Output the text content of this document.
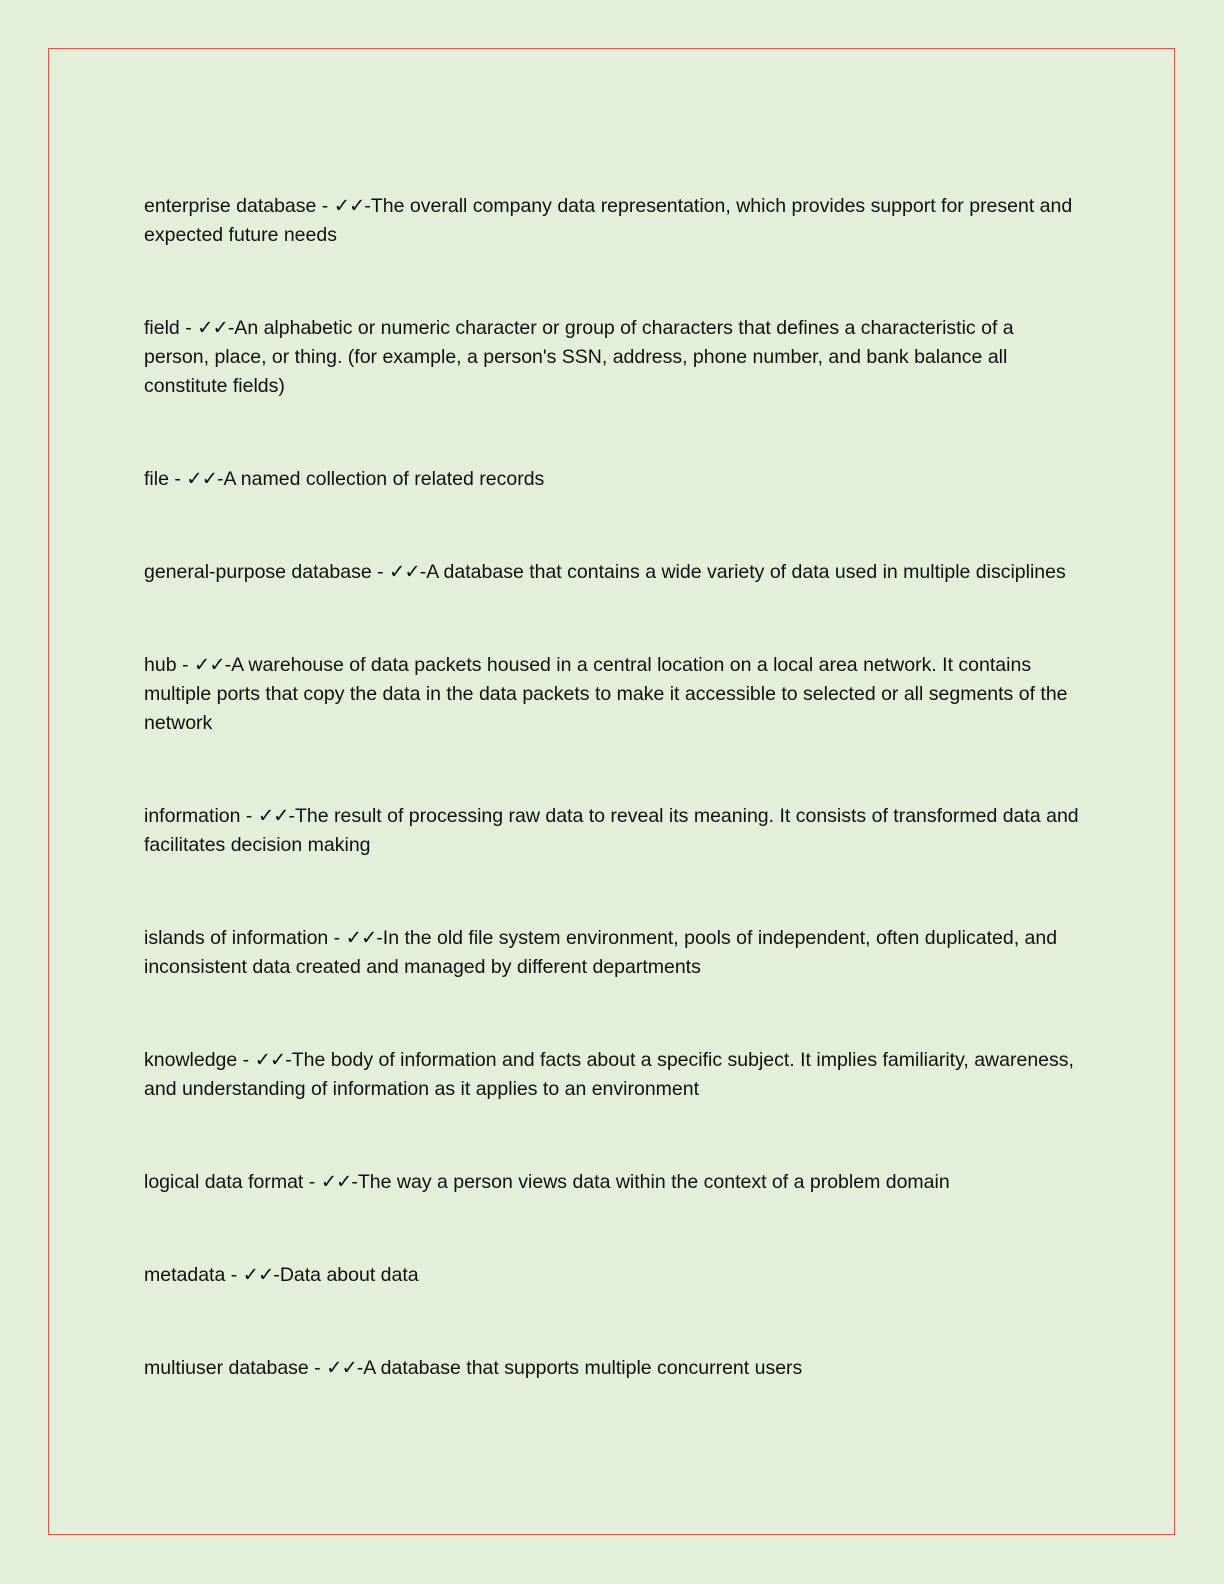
enterprise database - ✓✓-The overall company data representation, which provides support for present and expected future needs
field - ✓✓-An alphabetic or numeric character or group of characters that defines a characteristic of a person, place, or thing. (for example, a person's SSN, address, phone number, and bank balance all constitute fields)
file - ✓✓-A named collection of related records
general-purpose database - ✓✓-A database that contains a wide variety of data used in multiple disciplines
hub - ✓✓-A warehouse of data packets housed in a central location on a local area network. It contains multiple ports that copy the data in the data packets to make it accessible to selected or all segments of the network
information - ✓✓-The result of processing raw data to reveal its meaning. It consists of transformed data and facilitates decision making
islands of information - ✓✓-In the old file system environment, pools of independent, often duplicated, and inconsistent data created and managed by different departments
knowledge - ✓✓-The body of information and facts about a specific subject. It implies familiarity, awareness, and understanding of information as it applies to an environment
logical data format - ✓✓-The way a person views data within the context of a problem domain
metadata - ✓✓-Data about data
multiuser database - ✓✓-A database that supports multiple concurrent users
